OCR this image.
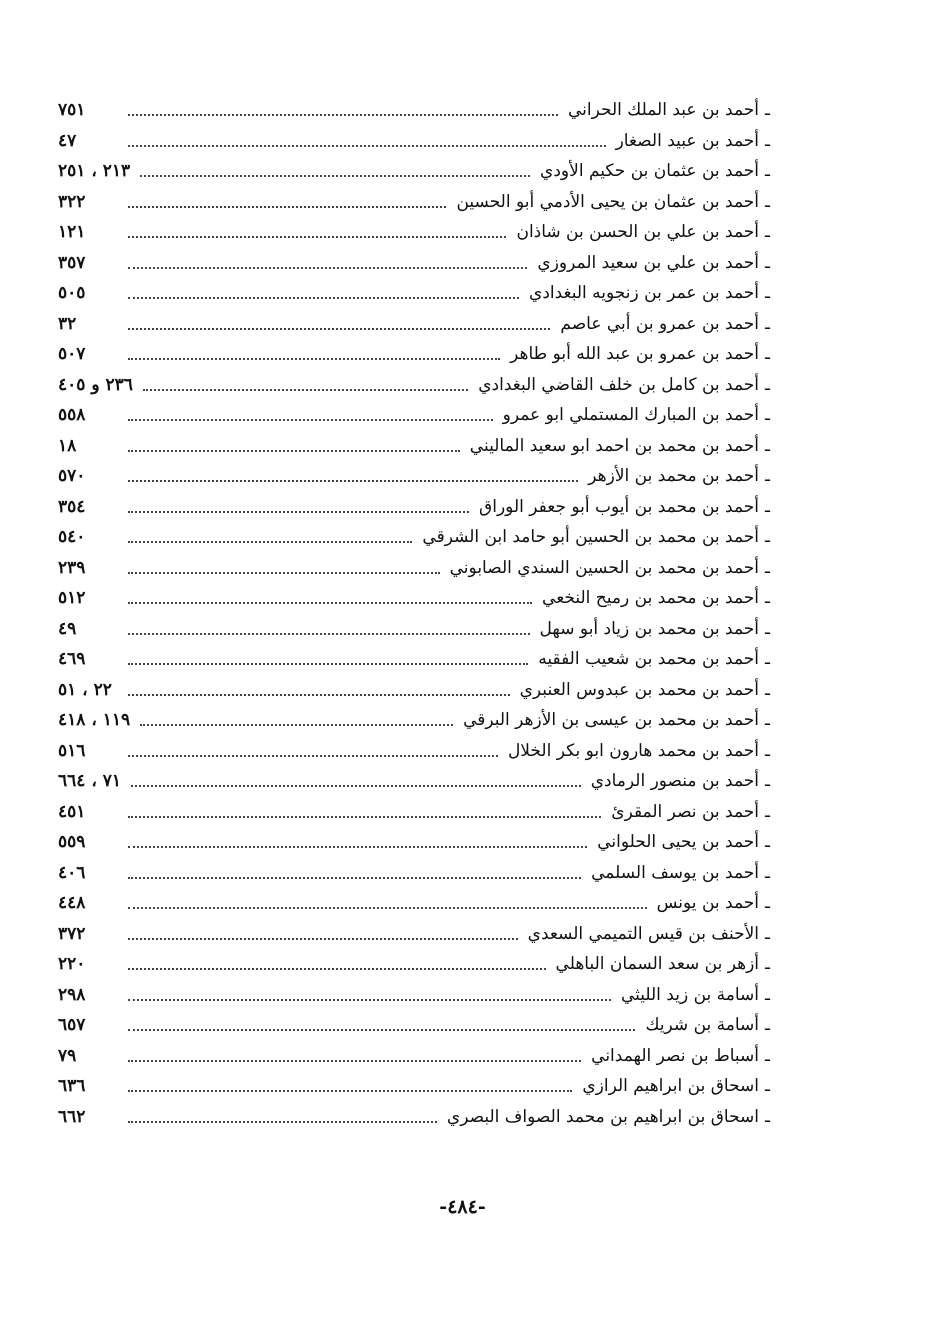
ـ
أحمد بن عبد الملك الحراني
٧٥١
ـ
أحمد بن عبيد الصغار
٤٧
ـ
أحمد بن عثمان بن حكيم الأودي
٢١٣ ، ٢٥١
ـ
أحمد بن عثمان بن يحيى الأدمي أبو الحسين
٣٢٢
ـ
أحمد بن علي بن الحسن بن شاذان
١٢١
ـ
أحمد بن علي بن سعيد المروزي
٣٥٧
ـ
أحمد بن عمر بن زنجويه البغدادي
٥٠٥
ـ
أحمد بن عمرو بن أبي عاصم
٣٢
ـ
أحمد بن عمرو بن عبد الله أبو طاهر
٥٠٧
ـ
أحمد بن كامل بن خلف القاضي البغدادي
٢٣٦ و ٤٠٥
ـ
أحمد بن المبارك المستملي ابو عمرو
٥٥٨
ـ
أحمد بن محمد بن احمد ابو سعيد الماليني
١٨
ـ
أحمد بن محمد بن الأزهر
٥٧٠
ـ
أحمد بن محمد بن أيوب أبو جعفر الوراق
٣٥٤
ـ
أحمد بن محمد بن الحسين أبو حامد ابن الشرقي
٥٤٠
ـ
أحمد بن محمد بن الحسين السندي الصابوني
٢٣٩
ـ
أحمد بن محمد بن رميح النخعي
٥١٢
ـ
أحمد بن محمد بن زياد أبو سهل
٤٩
ـ
أحمد بن محمد بن شعيب الفقيه
٤٦٩
ـ
أحمد بن محمد بن عبدوس العنبري
٢٢ ، ٥١
ـ
أحمد بن محمد بن عيسى بن الأزهر البرقي
١١٩ ، ٤١٨
ـ
أحمد بن محمد هارون ابو بكر الخلال
٥١٦
ـ
أحمد بن منصور الرمادي
٧١ ، ٦٦٤
ـ
أحمد بن نصر المقرئ
٤٥١
ـ
أحمد بن يحيى الحلواني
٥٥٩
ـ
أحمد بن يوسف السلمي
٤٠٦
ـ
أحمد بن يونس
٤٤٨
ـ
الأحنف بن قيس التميمي السعدي
٣٧٢
ـ
أزهر بن سعد السمان الباهلي
٢٢٠
ـ
أسامة بن زيد الليثي
٢٩٨
ـ
أسامة بن شريك
٦٥٧
ـ
أسباط بن نصر الهمداني
٧٩
ـ
اسحاق بن ابراهيم الرازي
٦٣٦
ـ
اسحاق بن ابراهيم بن محمد الصواف البصري
٦٦٢
-٤٨٤-
